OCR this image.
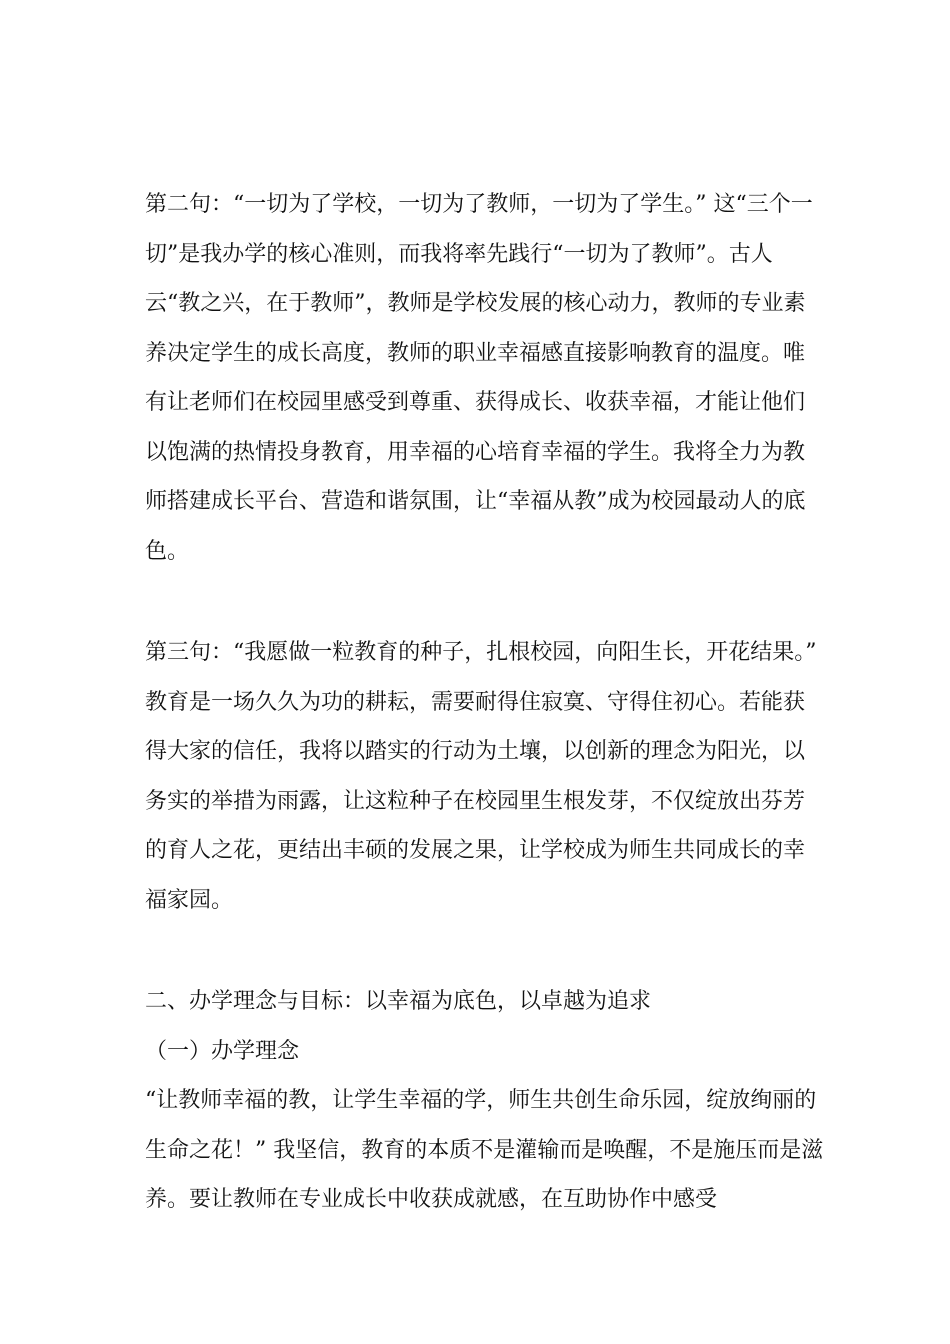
第二句：“一切为了学校，一切为了教师，一切为了学生。” 这“三个一切”是我办学的核心准则，而我将率先践行“一切为了教师”。古人云“教之兴，在于教师”，教师是学校发展的核心动力，教师的专业素养决定学生的成长高度，教师的职业幸福感直接影响教育的温度。唯有让老师们在校园里感受到尊重、获得成长、收获幸福，才能让他们以饱满的热情投身教育，用幸福的心培育幸福的学生。我将全力为教师搭建成长平台、营造和谐氛围，让“幸福从教”成为校园最动人的底色。

第三句：“我愿做一粒教育的种子，扎根校园，向阳生长，开花结果。” 教育是一场久久为功的耕耘，需要耐得住寂寞、守得住初心。若能获得大家的信任，我将以踏实的行动为土壤，以创新的理念为阳光，以务实的举措为雨露，让这粒种子在校园里生根发芽，不仅绽放出芬芳的育人之花，更结出丰硕的发展之果，让学校成为师生共同成长的幸福家园。

二、办学理念与目标：以幸福为底色，以卓越为追求

（一）办学理念

“让教师幸福的教，让学生幸福的学，师生共创生命乐园，绽放绚丽的生命之花！” 我坚信，教育的本质不是灌输而是唤醒，不是施压而是滋养。要让教师在专业成长中收获成就感，在互助协作中感受
